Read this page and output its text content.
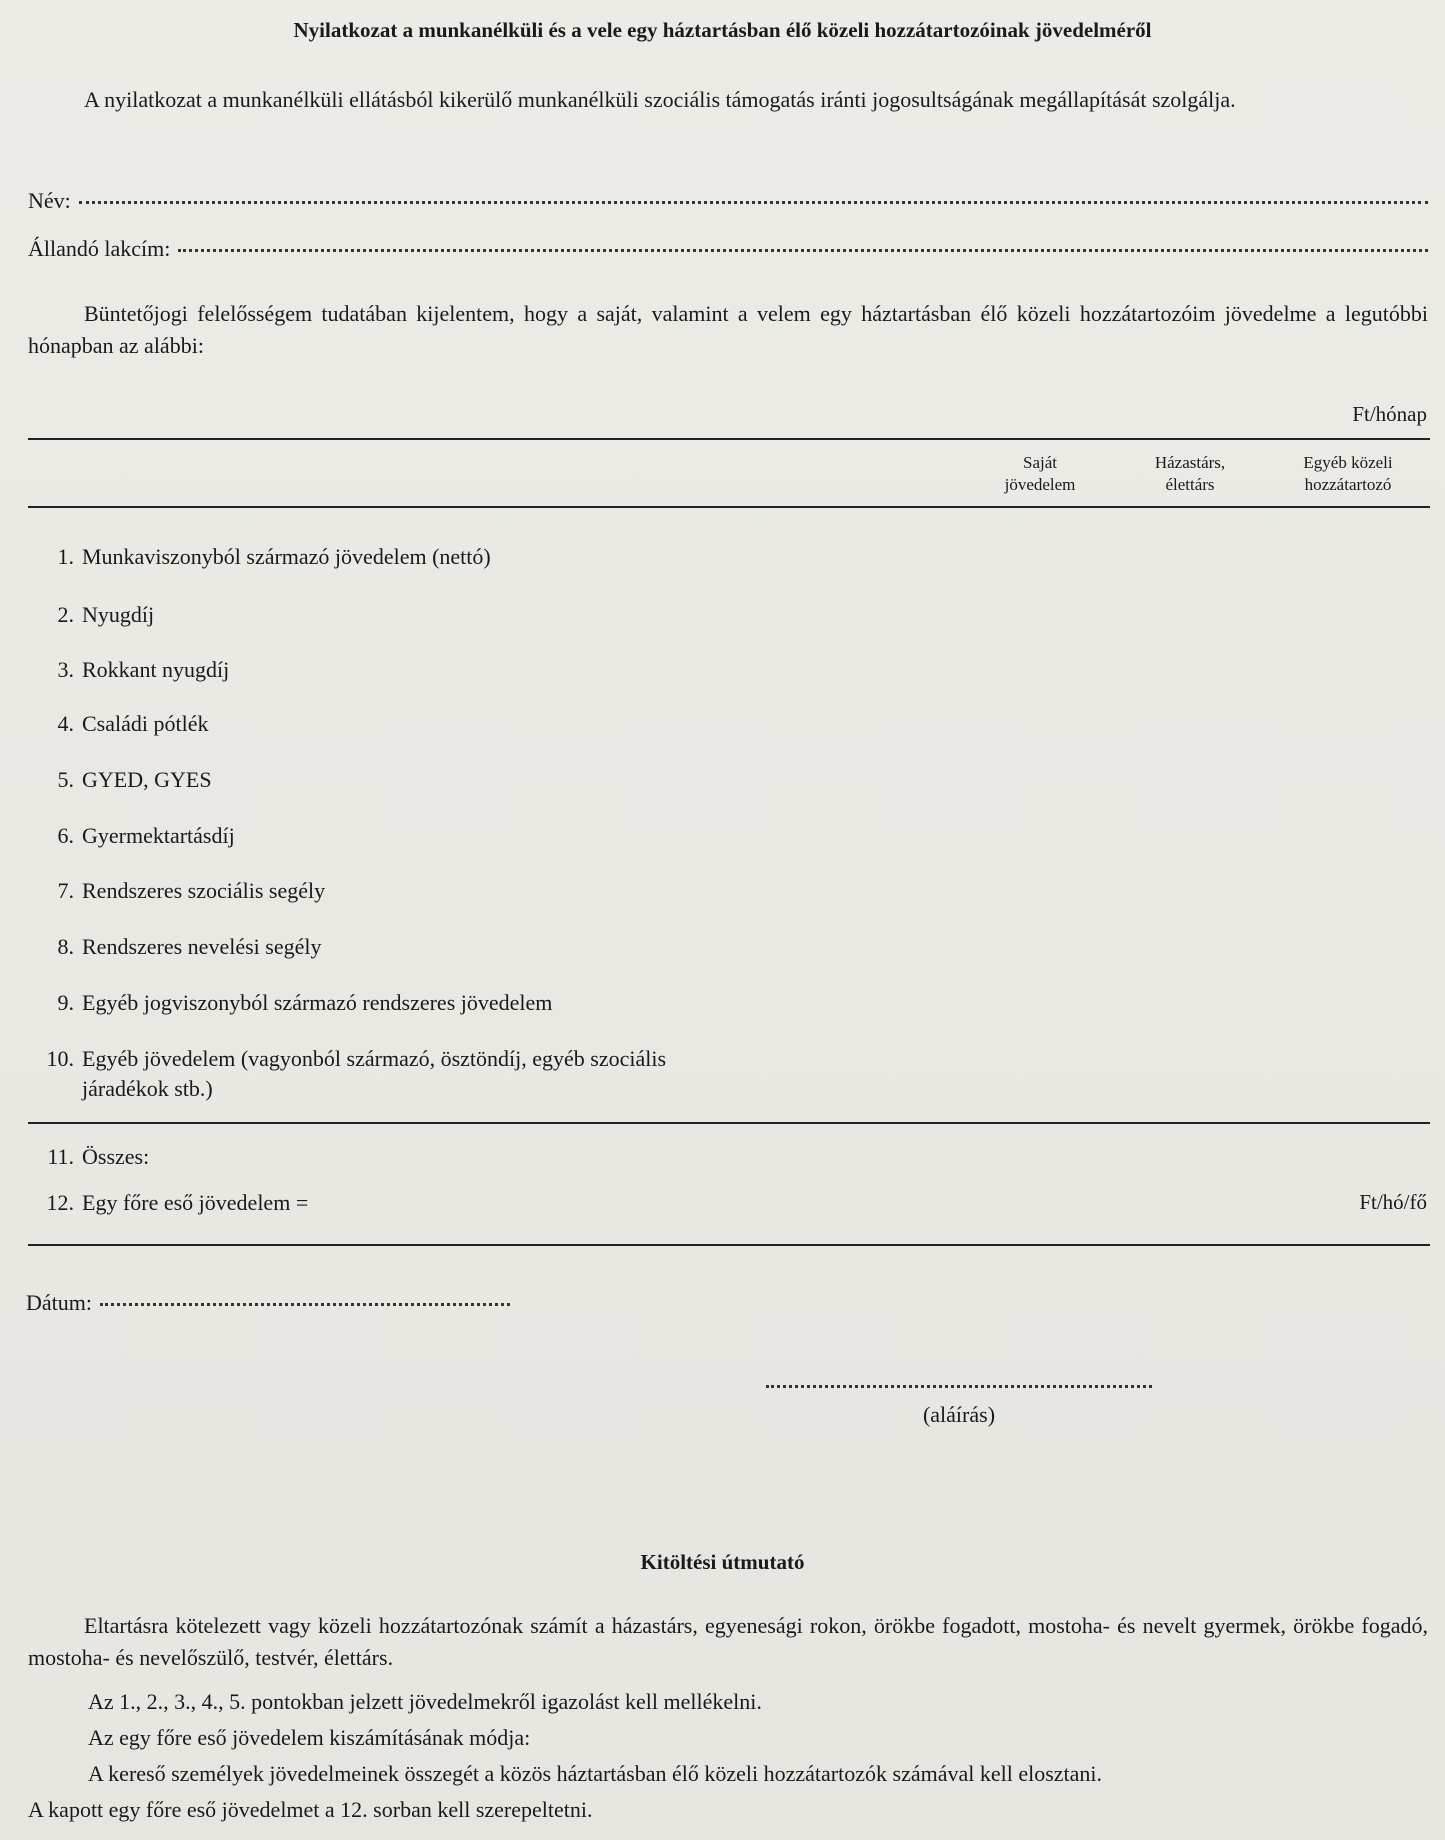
Nyilatkozat a munkanélküli és a vele egy háztartásban élő közeli hozzátartozóinak jövedelméről
A nyilatkozat a munkanélküli ellátásból kikerülő munkanélküli szociális támogatás iránti jogosultságának megállapítását szolgálja.
Név:
Állandó lakcím:
Büntetőjogi felelősségem tudatában kijelentem, hogy a saját, valamint a velem egy háztartásban élő közeli hozzátartozóim jövedelme a legutóbbi hónapban az alábbi:
Ft/hónap
Saját
jövedelem
Házastárs,
élettárs
Egyéb közeli
hozzátartozó
1. Munkaviszonyból származó jövedelem (nettó)
2. Nyugdíj
3. Rokkant nyugdíj
4. Családi pótlék
5. GYED, GYES
6. Gyermektartásdíj
7. Rendszeres szociális segély
8. Rendszeres nevelési segély
9. Egyéb jogviszonyból származó rendszeres jövedelem
10. Egyéb jövedelem (vagyonból származó, ösztöndíj, egyéb szociális
járadékok stb.)
11. Összes:
12. Egy főre eső jövedelem =	Ft/hó/fő
Dátum:
(aláírás)
Kitöltési útmutató
Eltartásra kötelezett vagy közeli hozzátartozónak számít a házastárs, egyenesági rokon, örökbe fogadott, mostoha- és nevelt gyermek, örökbe fogadó, mostoha- és nevelőszülő, testvér, élettárs.
Az 1., 2., 3., 4., 5. pontokban jelzett jövedelmekről igazolást kell mellékelni.
Az egy főre eső jövedelem kiszámításának módja:
A kereső személyek jövedelmeinek összegét a közös háztartásban élő közeli hozzátartozók számával kell elosztani.
A kapott egy főre eső jövedelmet a 12. sorban kell szerepeltetni.
